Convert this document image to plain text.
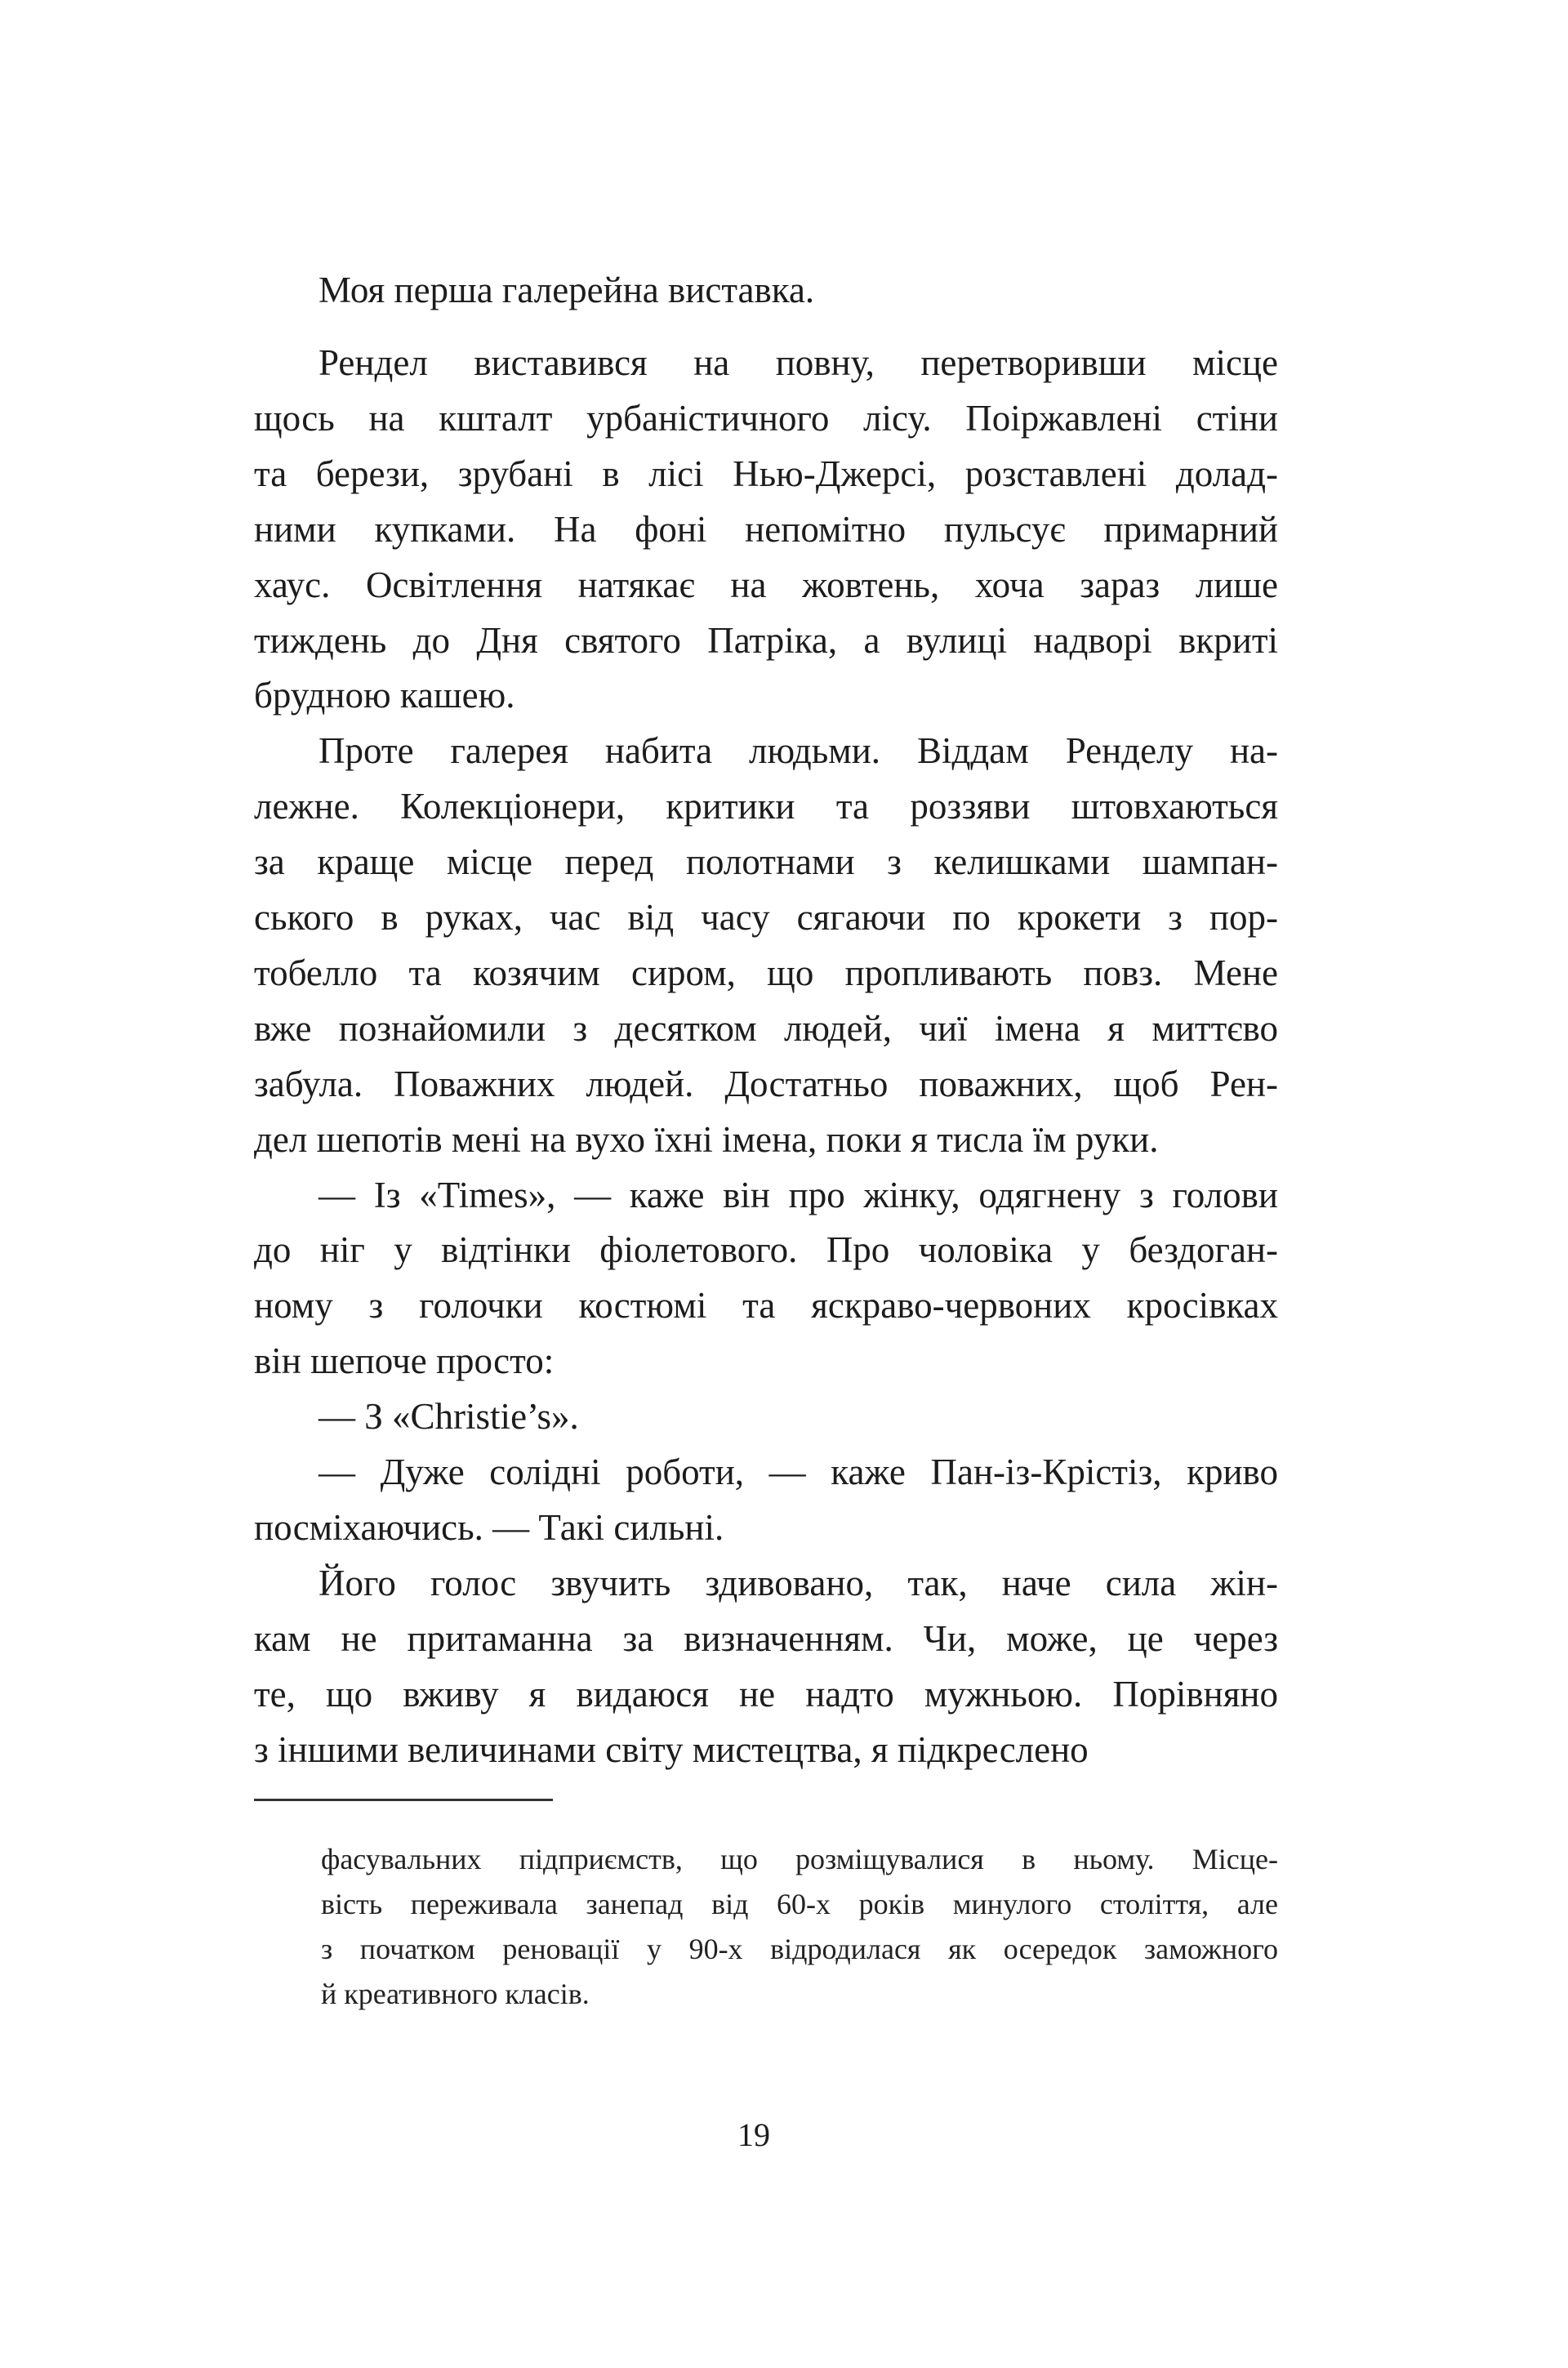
Моя перша галерейна виставка.
Рендел виставився на повну, перетворивши місце
щось на кшталт урбаністичного лісу. Поіржавлені стіни
та берези, зрубані в лісі Нью-Джерсі, розставлені долад-
ними купками. На фоні непомітно пульсує примарний
хаус. Освітлення натякає на жовтень, хоча зараз лише
тиждень до Дня святого Патріка, а вулиці надворі вкриті
брудною кашею.
Проте галерея набита людьми. Віддам Ренделу на-
лежне. Колекціонери, критики та роззяви штовхаються
за краще місце перед полотнами з келишками шампан-
ського в руках, час від часу сягаючи по крокети з пор-
тобелло та козячим сиром, що пропливають повз. Мене
вже познайомили з десятком людей, чиї імена я миттєво
забула. Поважних людей. Достатньо поважних, щоб Рен-
дел шепотів мені на вухо їхні імена, поки я тисла їм руки.
— Із «Times», — каже він про жінку, одягнену з голови
до ніг у відтінки фіолетового. Про чоловіка у бездоган-
ному з голочки костюмі та яскраво-червоних кросівках
він шепоче просто:
— З «Christie’s».
— Дуже солідні роботи, — каже Пан-із-Крістіз, криво
посміхаючись. — Такі сильні.
Його голос звучить здивовано, так, наче сила жін-
кам не притаманна за визначенням. Чи, може, це через
те, що вживу я видаюся не надто мужньою. Порівняно
з іншими величинами світу мистецтва, я підкреслено
фасувальних підприємств, що розміщувалися в ньому. Місце-
вість переживала занепад від 60-х років минулого століття, але
з початком реновації у 90-х відродилася як осередок заможного
й креативного класів.
19
